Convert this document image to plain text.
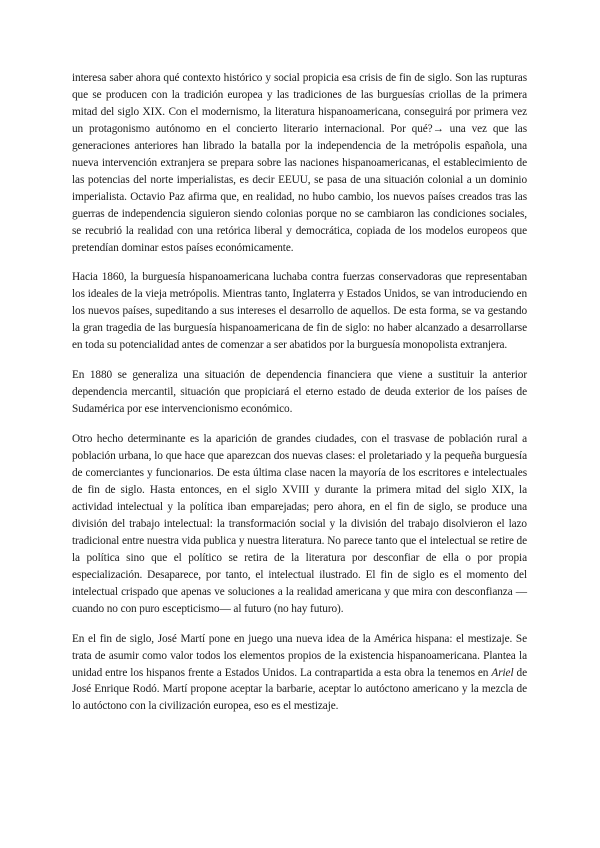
interesa saber ahora qué contexto histórico y social propicia esa crisis de fin de siglo. Son las rupturas que se producen con la tradición europea y las tradiciones de las burguesías criollas de la primera mitad del siglo XIX. Con el modernismo, la literatura hispanoamericana, conseguirá por primera vez un protagonismo autónomo en el concierto literario internacional. Por qué?→ una vez que las generaciones anteriores han librado la batalla por la independencia de la metrópolis española, una nueva intervención extranjera se prepara sobre las naciones hispanoamericanas, el establecimiento de las potencias del norte imperialistas, es decir EEUU, se pasa de una situación colonial a un dominio imperialista. Octavio Paz afirma que, en realidad, no hubo cambio, los nuevos países creados tras las guerras de independencia siguieron siendo colonias porque no se cambiaron las condiciones sociales, se recubrió la realidad con una retórica liberal y democrática, copiada de los modelos europeos que pretendían dominar estos países económicamente.

Hacia 1860, la burguesía hispanoamericana luchaba contra fuerzas conservadoras que representaban los ideales de la vieja metrópolis. Mientras tanto, Inglaterra y Estados Unidos, se van introduciendo en los nuevos países, supeditando a sus intereses el desarrollo de aquellos. De esta forma, se va gestando la gran tragedia de las burguesía hispanoamericana de fin de siglo: no haber alcanzado a desarrollarse en toda su potencialidad antes de comenzar a ser abatidos por la burguesía monopolista extranjera.

En 1880 se generaliza una situación de dependencia financiera que viene a sustituir la anterior dependencia mercantil, situación que propiciará el eterno estado de deuda exterior de los países de Sudamérica por ese intervencionismo económico.

Otro hecho determinante es la aparición de grandes ciudades, con el trasvase de población rural a población urbana, lo que hace que aparezcan dos nuevas clases: el proletariado y la pequeña burguesía de comerciantes y funcionarios. De esta última clase nacen la mayoría de los escritores e intelectuales de fin de siglo. Hasta entonces, en el siglo XVIII y durante la primera mitad del siglo XIX, la actividad intelectual y la política iban emparejadas; pero ahora, en el fin de siglo, se produce una división del trabajo intelectual: la transformación social y la división del trabajo disolvieron el lazo tradicional entre nuestra vida publica y nuestra literatura. No parece tanto que el intelectual se retire de la política sino que el político se retira de la literatura por desconfiar de ella o por propia especialización. Desaparece, por tanto, el intelectual ilustrado. El fin de siglo es el momento del intelectual crispado que apenas ve soluciones a la realidad americana y que mira con desconfianza —cuando no con puro escepticismo— al futuro (no hay futuro).

En el fin de siglo, José Martí pone en juego una nueva idea de la América hispana: el mestizaje. Se trata de asumir como valor todos los elementos propios de la existencia hispanoamericana. Plantea la unidad entre los hispanos frente a Estados Unidos. La contrapartida a esta obra la tenemos en Ariel de José Enrique Rodó. Martí propone aceptar la barbarie, aceptar lo autóctono americano y la mezcla de lo autóctono con la civilización europea, eso es el mestizaje.
